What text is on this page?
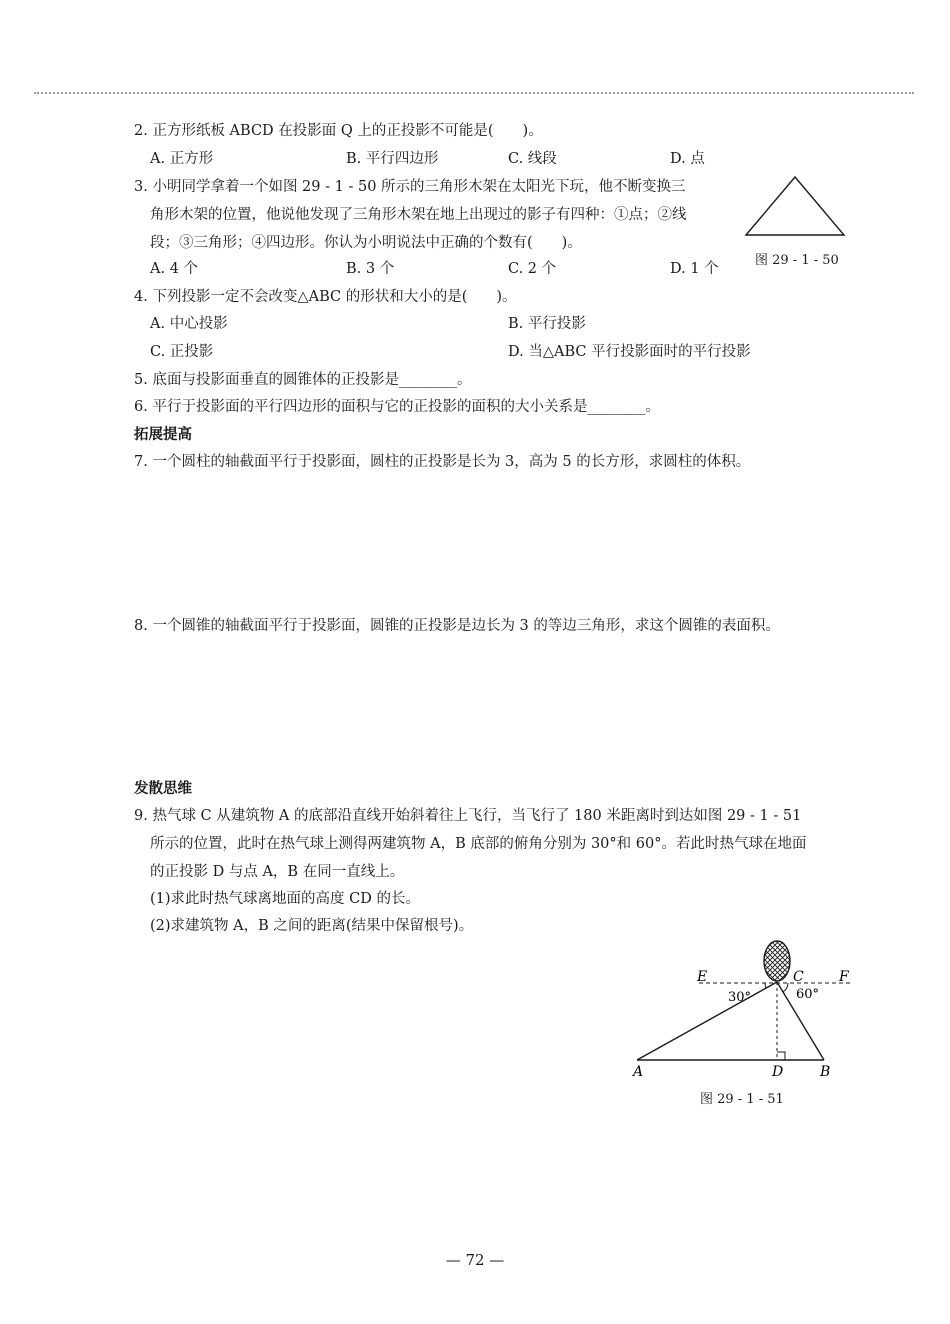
2. 正方形纸板 ABCD 在投影面 Q 上的正投影不可能是(　　)。
A. 正方形	B. 平行四边形	C. 线段	D. 点
3. 小明同学拿着一个如图 29 - 1 - 50 所示的三角形木架在太阳光下玩，他不断变换三
角形木架的位置，他说他发现了三角形木架在地上出现过的影子有四种：①点；②线
段；③三角形；④四边形。你认为小明说法中正确的个数有(　　)。
A. 4 个	B. 3 个	C. 2 个	D. 1 个
图 29 - 1 - 50
4. 下列投影一定不会改变△ABC 的形状和大小的是(　　)。
A. 中心投影	B. 平行投影
C. 正投影	D. 当△ABC 平行投影面时的平行投影
5. 底面与投影面垂直的圆锥体的正投影是________。
6. 平行于投影面的平行四边形的面积与它的正投影的面积的大小关系是________。
拓展提高
7. 一个圆柱的轴截面平行于投影面，圆柱的正投影是长为 3，高为 5 的长方形，求圆柱的体积。
8. 一个圆锥的轴截面平行于投影面，圆锥的正投影是边长为 3 的等边三角形，求这个圆锥的表面积。
发散思维
9. 热气球 C 从建筑物 A 的底部沿直线开始斜着往上飞行，当飞行了 180 米距离时到达如图 29 - 1 - 51
所示的位置，此时在热气球上测得两建筑物 A，B 底部的俯角分别为 30°和 60°。若此时热气球在地面
的正投影 D 与点 A，B 在同一直线上。
(1)求此时热气球离地面的高度 CD 的长。
(2)求建筑物 A，B 之间的距离(结果中保留根号)。
E	C	F
30°	60°
A	D	B
图 29 - 1 - 51
— 72 —
